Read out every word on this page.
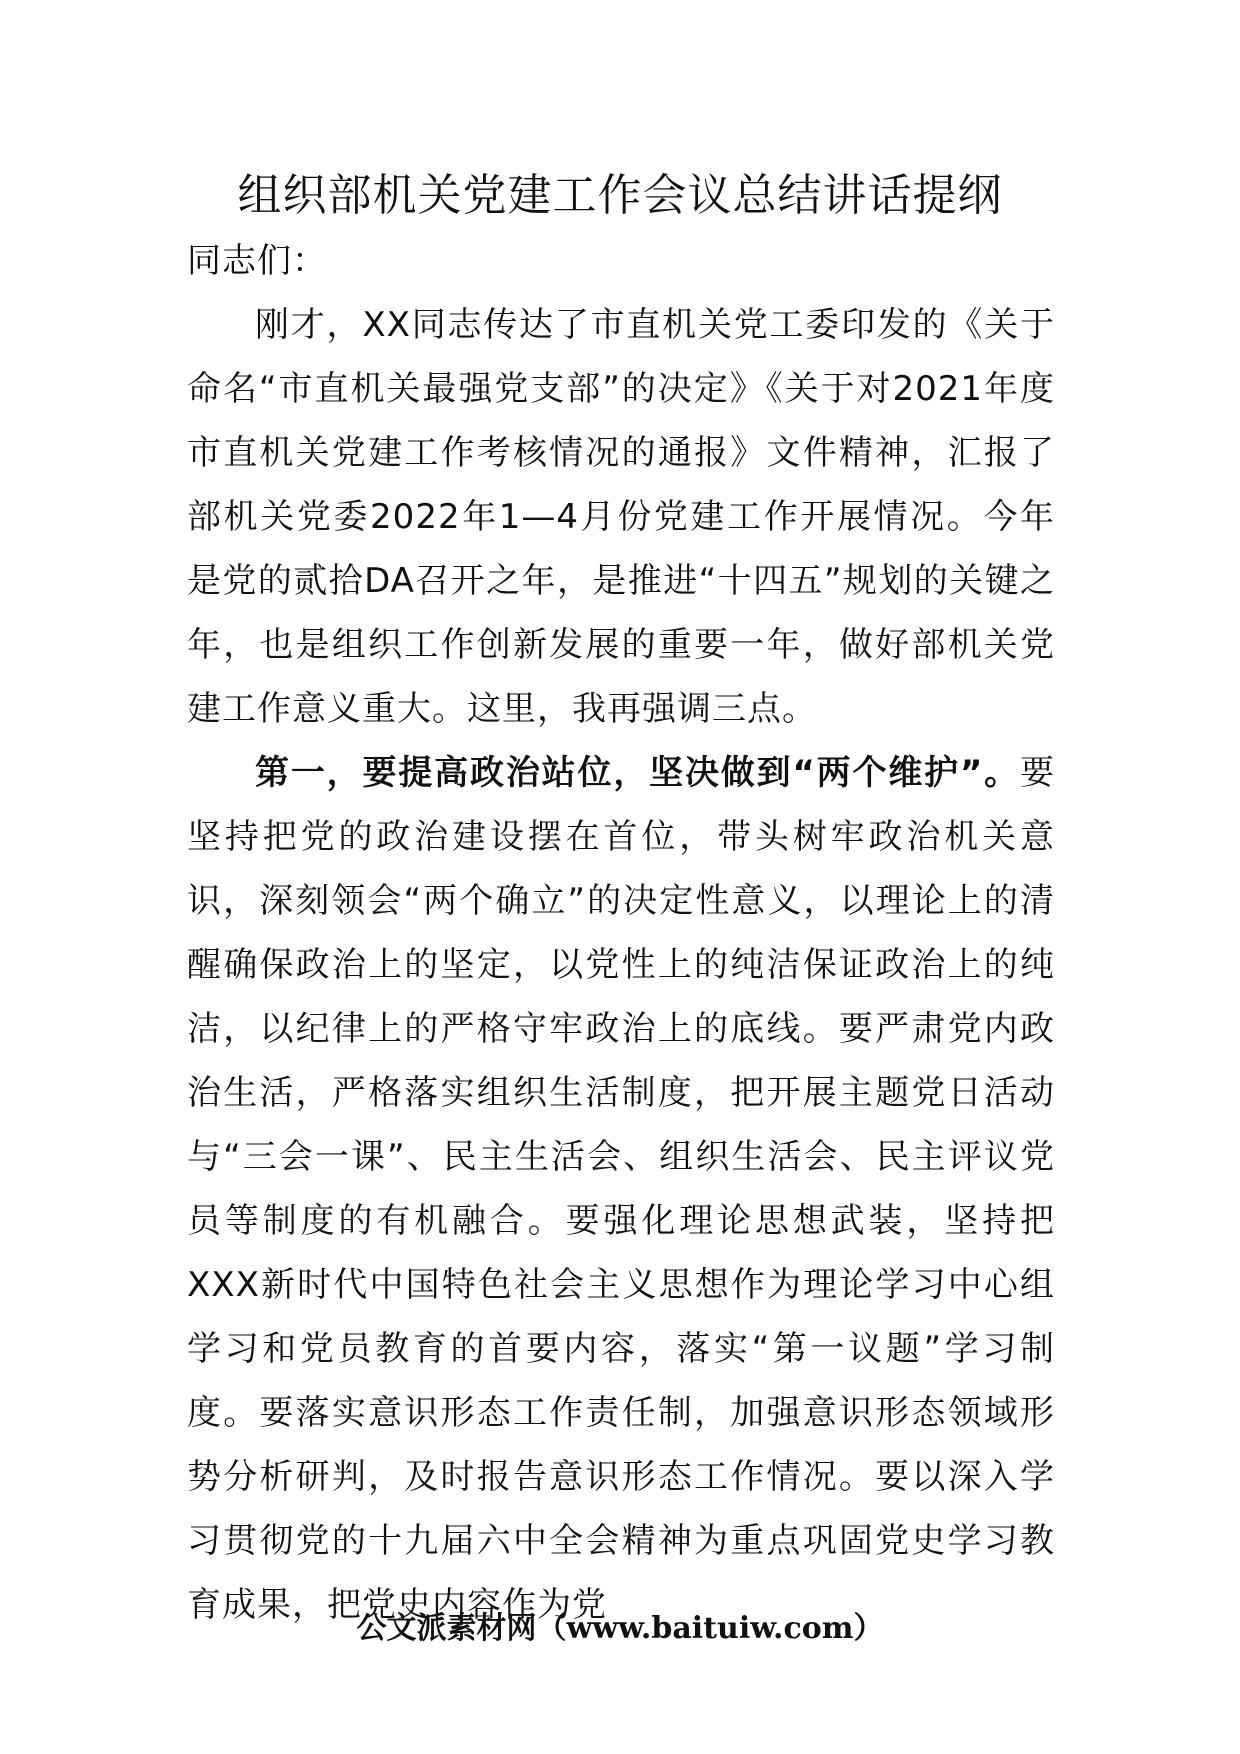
组织部机关党建工作会议总结讲话提纲
同志们：

刚才，XX同志传达了市直机关党工委印发的《关于命名“市直机关最强党支部”的决定》《关于对2021年度市直机关党建工作考核情况的通报》文件精神，汇报了部机关党委2022年1—4月份党建工作开展情况。今年是党的贰拾DA召开之年，是推进“十四五”规划的关键之年，也是组织工作创新发展的重要一年，做好部机关党建工作意义重大。这里，我再强调三点。

第一，要提高政治站位，坚决做到“两个维护”。要坚持把党的政治建设摆在首位，带头树牢政治机关意识，深刻领会“两个确立”的决定性意义，以理论上的清醒确保政治上的坚定，以党性上的纯洁保证政治上的纯洁，以纪律上的严格守牢政治上的底线。要严肃党内政治生活，严格落实组织生活制度，把开展主题党日活动与“三会一课”、民主生活会、组织生活会、民主评议党员等制度的有机融合。要强化理论思想武装，坚持把XXX新时代中国特色社会主义思想作为理论学习中心组学习和党员教育的首要内容，落实“第一议题”学习制度。要落实意识形态工作责任制，加强意识形态领域形势分析研判，及时报告意识形态工作情况。要以深入学习贯彻党的十九届六中全会精神为重点巩固党史学习教育成果，把党史内容作为党

公文派素材网（www.baituiw.com）
